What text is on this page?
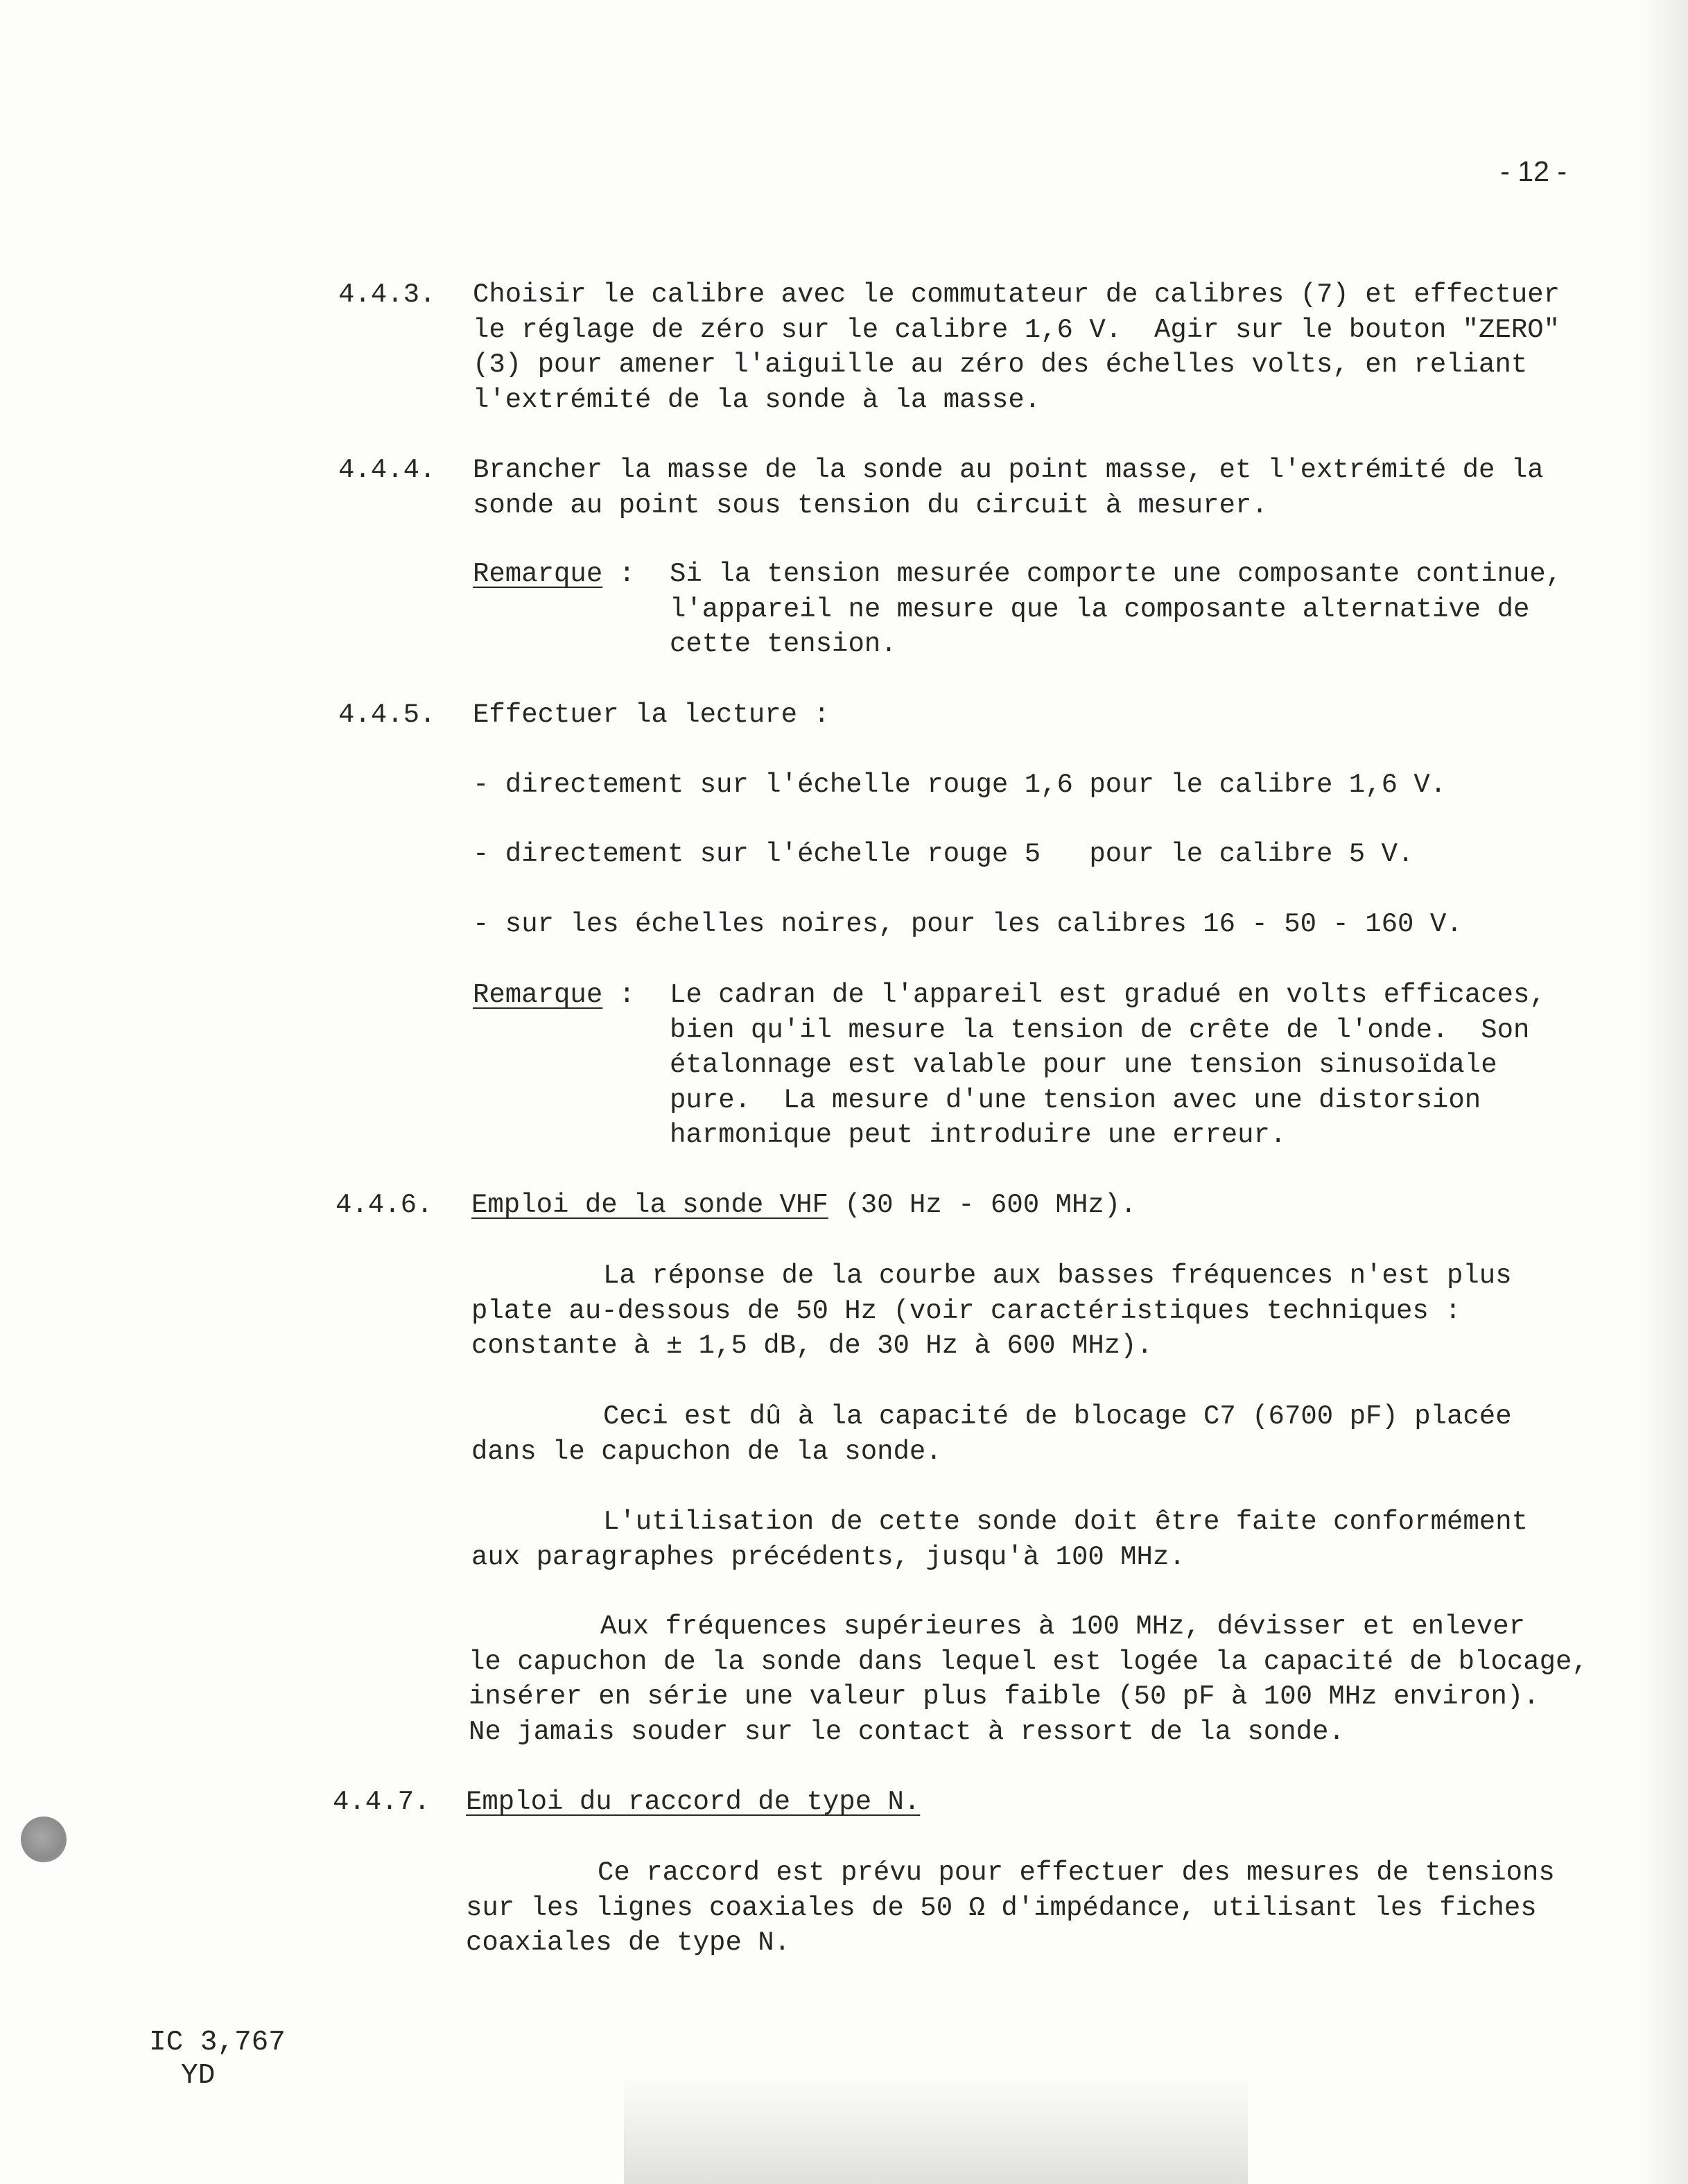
- 12 -
4.4.3. Choisir le calibre avec le commutateur de calibres (7) et effectuer
le réglage de zéro sur le calibre 1,6 V.  Agir sur le bouton "ZERO"
(3) pour amener l'aiguille au zéro des échelles volts, en reliant
l'extrémité de la sonde à la masse.
4.4.4. Brancher la masse de la sonde au point masse, et l'extrémité de la
sonde au point sous tension du circuit à mesurer.
Remarque : Si la tension mesurée comporte une composante continue,
l'appareil ne mesure que la composante alternative de
cette tension.
4.4.5. Effectuer la lecture :
- directement sur l'échelle rouge 1,6 pour le calibre 1,6 V.
- directement sur l'échelle rouge 5   pour le calibre 5 V.
- sur les échelles noires, pour les calibres 16 - 50 - 160 V.
Remarque : Le cadran de l'appareil est gradué en volts efficaces,
bien qu'il mesure la tension de crête de l'onde.  Son
étalonnage est valable pour une tension sinusoïdale
pure.  La mesure d'une tension avec une distorsion
harmonique peut introduire une erreur.
4.4.6. Emploi de la sonde VHF (30 Hz - 600 MHz).
La réponse de la courbe aux basses fréquences n'est plus
plate au-dessous de 50 Hz (voir caractéristiques techniques :
constante à ± 1,5 dB, de 30 Hz à 600 MHz).
Ceci est dû à la capacité de blocage C7 (6700 pF) placée
dans le capuchon de la sonde.
L'utilisation de cette sonde doit être faite conformément
aux paragraphes précédents, jusqu'à 100 MHz.
Aux fréquences supérieures à 100 MHz, dévisser et enlever
le capuchon de la sonde dans lequel est logée la capacité de blocage,
insérer en série une valeur plus faible (50 pF à 100 MHz environ).
Ne jamais souder sur le contact à ressort de la sonde.
4.4.7. Emploi du raccord de type N.
Ce raccord est prévu pour effectuer des mesures de tensions
sur les lignes coaxiales de 50 Ω d'impédance, utilisant les fiches
coaxiales de type N.
IC 3,767
YD
